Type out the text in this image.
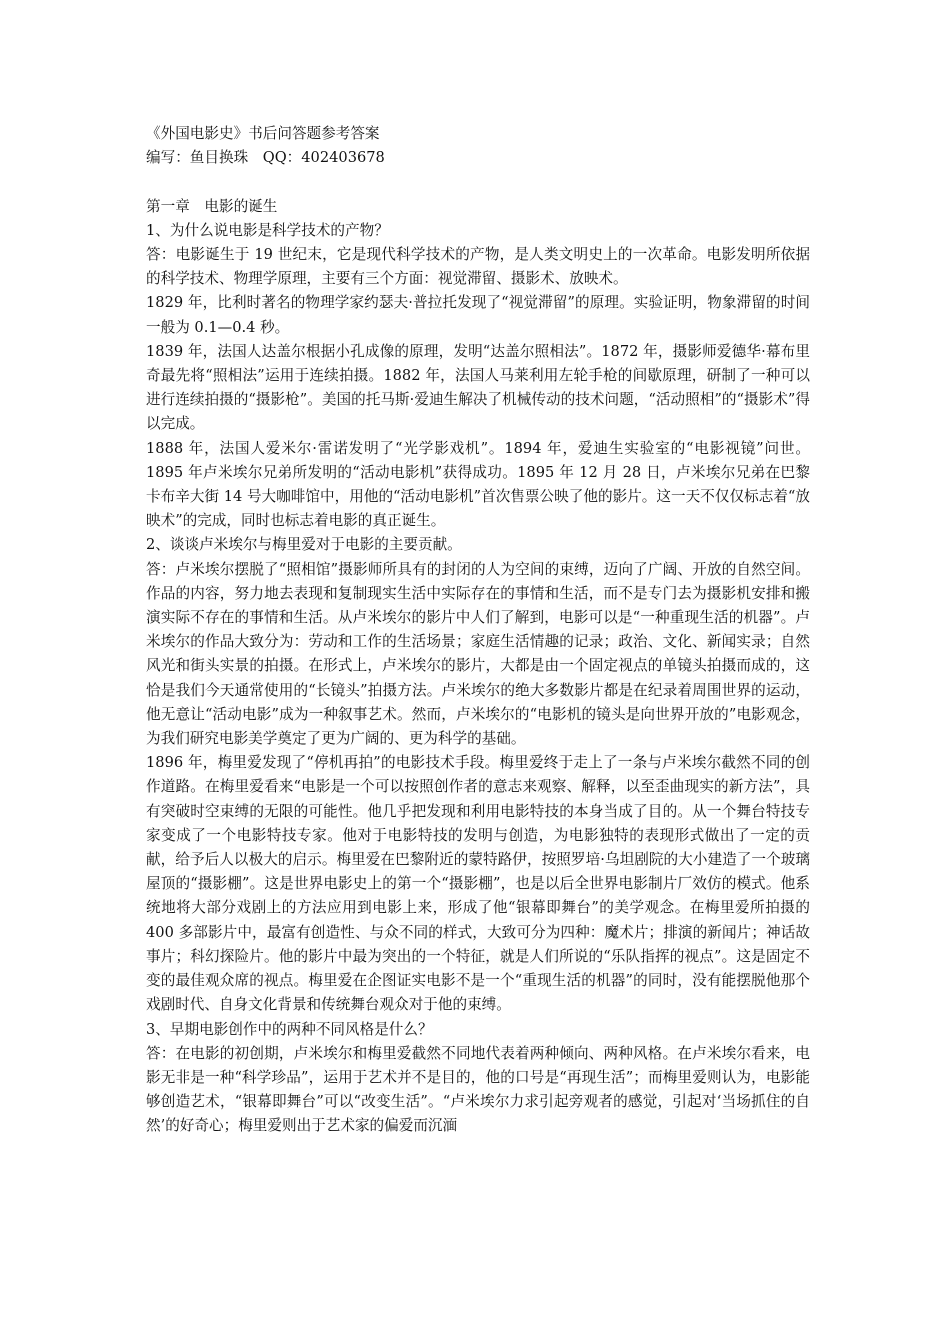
《外国电影史》书后问答题参考答案

编写：鱼目换珠　QQ：402403678

第一章　电影的诞生

1、为什么说电影是科学技术的产物？

答：电影诞生于 19 世纪末，它是现代科学技术的产物，是人类文明史上的一次革命。电影发明所依据的科学技术、物理学原理，主要有三个方面：视觉滞留、摄影术、放映术。

1829 年，比利时著名的物理学家约瑟夫·普拉托发现了“视觉滞留”的原理。实验证明，物象滞留的时间一般为 0.1—0.4 秒。

1839 年，法国人达盖尔根据小孔成像的原理，发明“达盖尔照相法”。1872 年，摄影师爱德华·幕布里奇最先将“照相法”运用于连续拍摄。1882 年，法国人马莱利用左轮手枪的间歇原理，研制了一种可以进行连续拍摄的“摄影枪”。美国的托马斯·爱迪生解决了机械传动的技术问题，“活动照相”的“摄影术”得以完成。

1888 年，法国人爱米尔·雷诺发明了“光学影戏机”。1894 年，爱迪生实验室的“电影视镜”问世。1895 年卢米埃尔兄弟所发明的“活动电影机”获得成功。1895 年 12 月 28 日，卢米埃尔兄弟在巴黎卡布辛大街 14 号大咖啡馆中，用他的“活动电影机”首次售票公映了他的影片。这一天不仅仅标志着“放映术”的完成，同时也标志着电影的真正诞生。

2、谈谈卢米埃尔与梅里爱对于电影的主要贡献。

答：卢米埃尔摆脱了“照相馆”摄影师所具有的封闭的人为空间的束缚，迈向了广阔、开放的自然空间。作品的内容，努力地去表现和复制现实生活中实际存在的事情和生活，而不是专门去为摄影机安排和搬演实际不存在的事情和生活。从卢米埃尔的影片中人们了解到，电影可以是“一种重现生活的机器”。卢米埃尔的作品大致分为：劳动和工作的生活场景；家庭生活情趣的记录；政治、文化、新闻实录；自然风光和街头实景的拍摄。在形式上，卢米埃尔的影片，大都是由一个固定视点的单镜头拍摄而成的，这恰是我们今天通常使用的“长镜头”拍摄方法。卢米埃尔的绝大多数影片都是在纪录着周围世界的运动，他无意让“活动电影”成为一种叙事艺术。然而，卢米埃尔的“电影机的镜头是向世界开放的”电影观念，为我们研究电影美学奠定了更为广阔的、更为科学的基础。

1896 年，梅里爱发现了“停机再拍”的电影技术手段。梅里爱终于走上了一条与卢米埃尔截然不同的创作道路。在梅里爱看来“电影是一个可以按照创作者的意志来观察、解释，以至歪曲现实的新方法”，具有突破时空束缚的无限的可能性。他几乎把发现和利用电影特技的本身当成了目的。从一个舞台特技专家变成了一个电影特技专家。他对于电影特技的发明与创造，为电影独特的表现形式做出了一定的贡献，给予后人以极大的启示。梅里爱在巴黎附近的蒙特路伊，按照罗培·乌坦剧院的大小建造了一个玻璃屋顶的“摄影棚”。这是世界电影史上的第一个“摄影棚”，也是以后全世界电影制片厂效仿的模式。他系统地将大部分戏剧上的方法应用到电影上来，形成了他“银幕即舞台”的美学观念。在梅里爱所拍摄的 400 多部影片中，最富有创造性、与众不同的样式，大致可分为四种：魔术片；排演的新闻片；神话故事片；科幻探险片。他的影片中最为突出的一个特征，就是人们所说的“乐队指挥的视点”。这是固定不变的最佳观众席的视点。梅里爱在企图证实电影不是一个“重现生活的机器”的同时，没有能摆脱他那个戏剧时代、自身文化背景和传统舞台观众对于他的束缚。

3、早期电影创作中的两种不同风格是什么？

答：在电影的初创期，卢米埃尔和梅里爱截然不同地代表着两种倾向、两种风格。在卢米埃尔看来，电影无非是一种“科学珍品”，运用于艺术并不是目的，他的口号是“再现生活”；而梅里爱则认为，电影能够创造艺术，“银幕即舞台”可以“改变生活”。“卢米埃尔力求引起旁观者的感觉，引起对‘当场抓住的自然’的好奇心；梅里爱则出于艺术家的偏爱而沉湎
